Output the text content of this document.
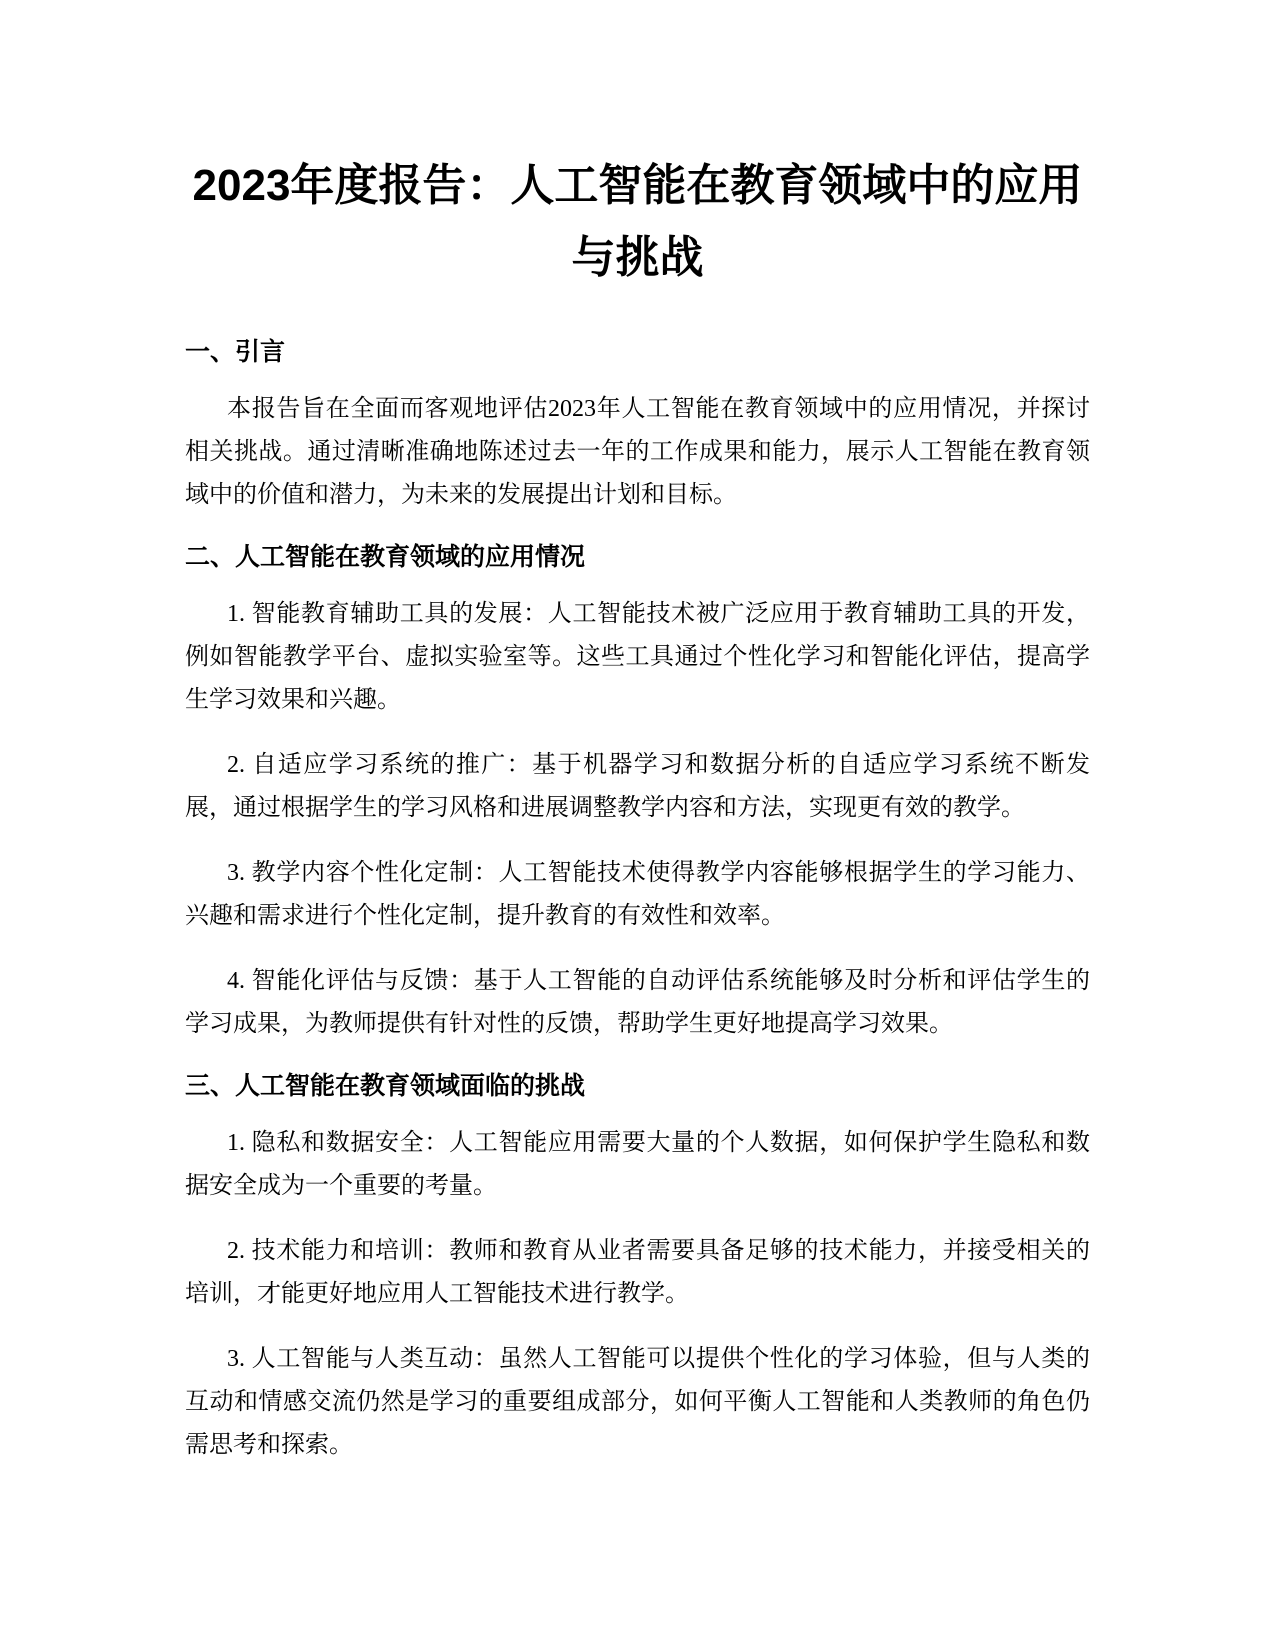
2023年度报告：人工智能在教育领域中的应用与挑战
一、引言

本报告旨在全面而客观地评估2023年人工智能在教育领域中的应用情况，并探讨相关挑战。通过清晰准确地陈述过去一年的工作成果和能力，展示人工智能在教育领域中的价值和潜力，为未来的发展提出计划和目标。

二、人工智能在教育领域的应用情况

1. 智能教育辅助工具的发展：人工智能技术被广泛应用于教育辅助工具的开发，例如智能教学平台、虚拟实验室等。这些工具通过个性化学习和智能化评估，提高学生学习效果和兴趣。

2. 自适应学习系统的推广：基于机器学习和数据分析的自适应学习系统不断发展，通过根据学生的学习风格和进展调整教学内容和方法，实现更有效的教学。

3. 教学内容个性化定制：人工智能技术使得教学内容能够根据学生的学习能力、兴趣和需求进行个性化定制，提升教育的有效性和效率。

4. 智能化评估与反馈：基于人工智能的自动评估系统能够及时分析和评估学生的学习成果，为教师提供有针对性的反馈，帮助学生更好地提高学习效果。

三、人工智能在教育领域面临的挑战

1. 隐私和数据安全：人工智能应用需要大量的个人数据，如何保护学生隐私和数据安全成为一个重要的考量。

2. 技术能力和培训：教师和教育从业者需要具备足够的技术能力，并接受相关的培训，才能更好地应用人工智能技术进行教学。

3. 人工智能与人类互动：虽然人工智能可以提供个性化的学习体验，但与人类的互动和情感交流仍然是学习的重要组成部分，如何平衡人工智能和人类教师的角色仍需思考和探索。
